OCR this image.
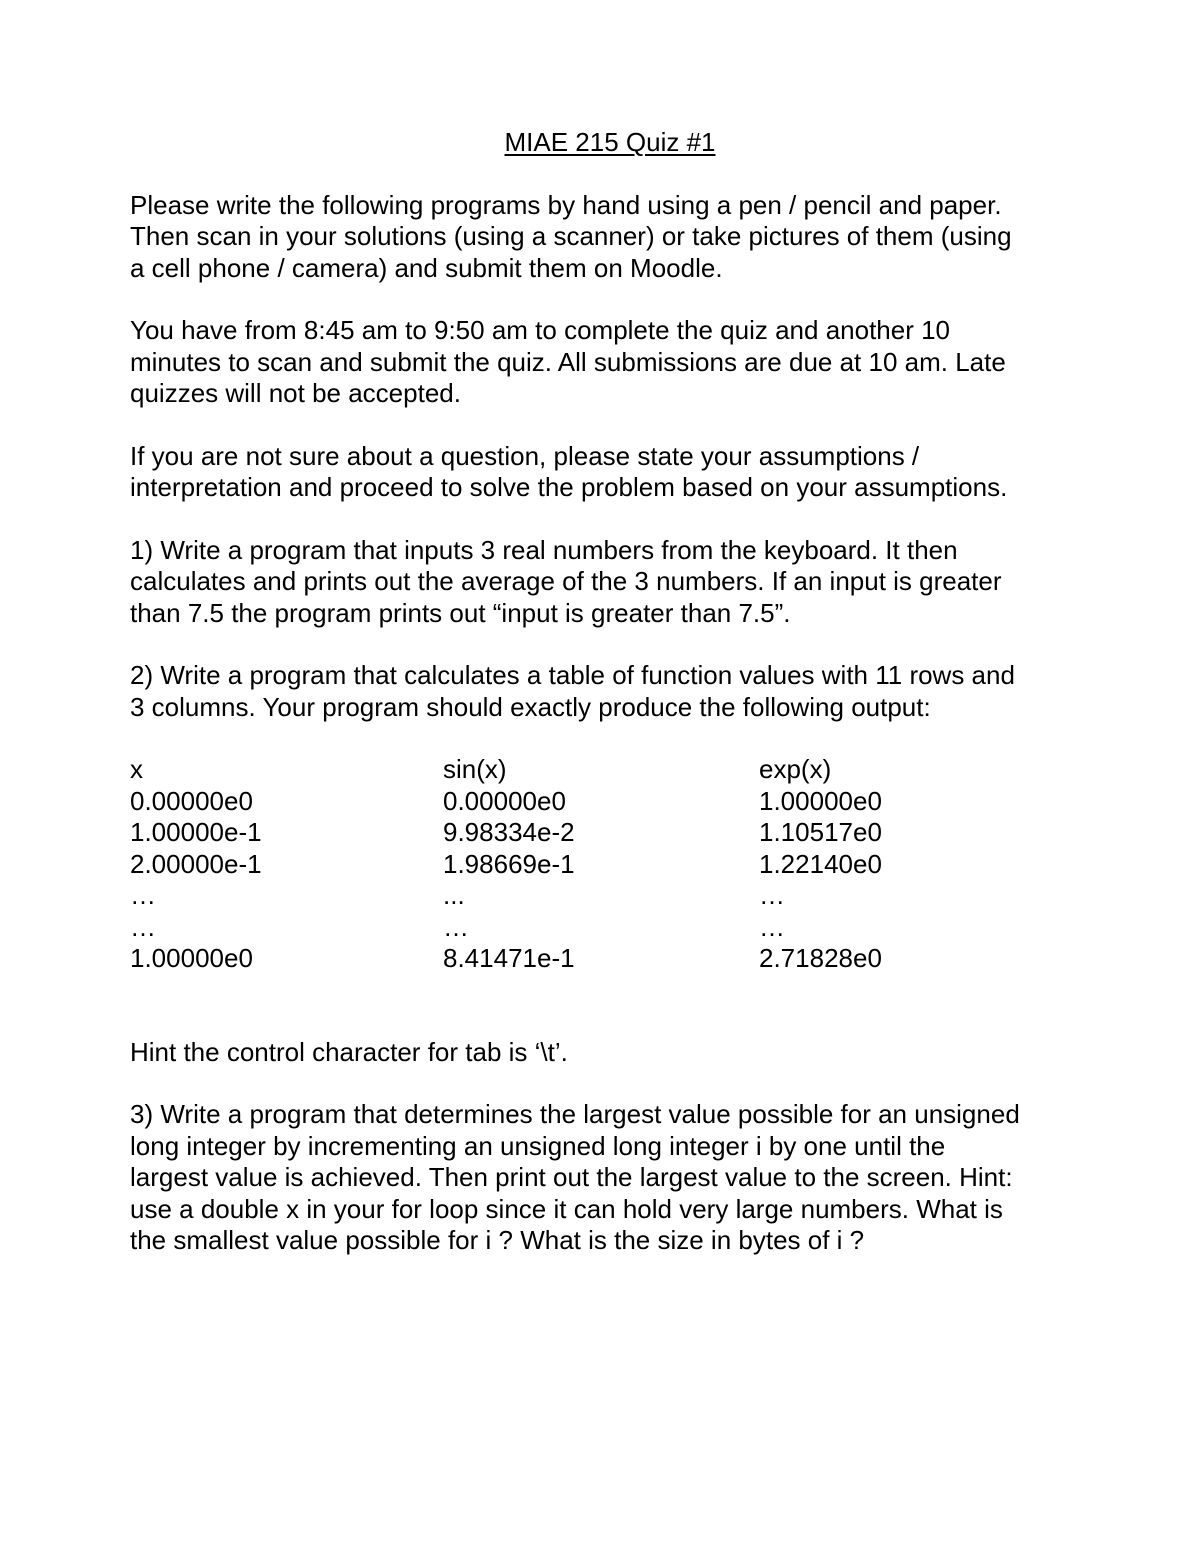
MIAE 215 Quiz #1
Please write the following programs by hand using a pen / pencil and paper.
Then scan in your solutions (using a scanner) or take pictures of them (using
a cell phone / camera) and submit them on Moodle.
You have from 8:45 am to 9:50 am to complete the quiz and another 10
minutes to scan and submit the quiz. All submissions are due at 10 am. Late
quizzes will not be accepted.
If you are not sure about a question, please state your assumptions /
interpretation and proceed to solve the problem based on your assumptions.
1) Write a program that inputs 3 real numbers from the keyboard. It then
calculates and prints out the average of the 3 numbers. If an input is greater
than 7.5 the program prints out “input is greater than 7.5”.
2) Write a program that calculates a table of function values with 11 rows and
3 columns. Your program should exactly produce the following output:
x	sin(x)	exp(x)
0.00000e0	0.00000e0	1.00000e0
1.00000e-1	9.98334e-2	1.10517e0
2.00000e-1	1.98669e-1	1.22140e0
…	...	…
…	…	…
1.00000e0	8.41471e-1	2.71828e0
Hint the control character for tab is ‘\t’.
3) Write a program that determines the largest value possible for an unsigned
long integer by incrementing an unsigned long integer i by one until the
largest value is achieved. Then print out the largest value to the screen. Hint:
use a double x in your for loop since it can hold very large numbers. What is
the smallest value possible for i ? What is the size in bytes of i ?
